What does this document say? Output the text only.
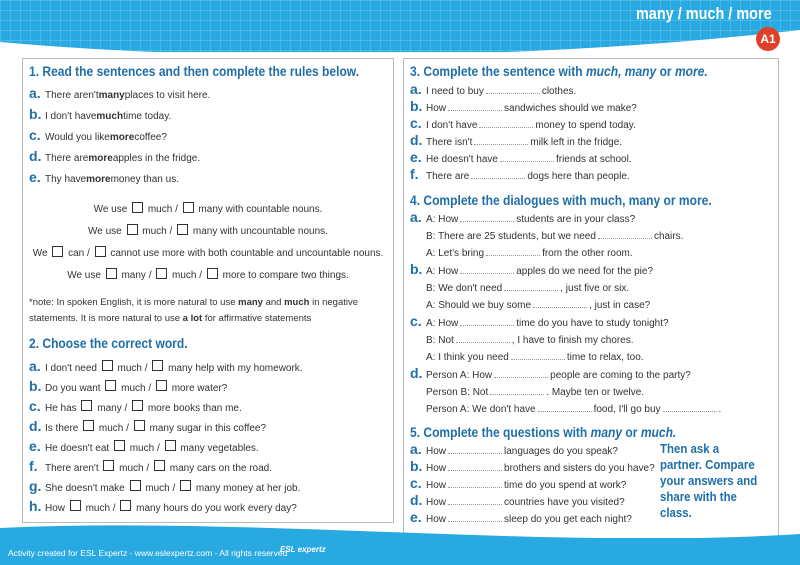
many / much / more
A1
1. Read the sentences and then complete the rules below.
a. There aren't many places to visit here.
b. I don't have much time today.
c. Would you like more coffee?
d. There are more apples in the fridge.
e. Thy have more money than us.
We use  much /  many with countable nouns.
We use  much /  many with uncountable nouns.
We  can /  cannot use more with both countable and uncountable nouns.
We use  many /  much /  more to compare two things.
*note: In spoken English, it is more natural to use many and much in negative statements. It is more natural to use a lot for affirmative statements
2. Choose the correct word.
a. I don't need much / many help with my homework.
b. Do you want much / more water?
c. He has many / more books than me.
d. Is there much / many sugar in this coffee?
e. He doesn't eat much / many vegetables.
f. There aren't much / many cars on the road.
g. She doesn't make much / many money at her job.
h. How much / many hours do you work every day?
3. Complete the sentence with much, many or more.
a. I need to buy	clothes.
b. How	sandwiches should we make?
c. I don't have	money to spend today.
d. There isn't	milk left in the fridge.
e. He doesn't have	friends at school.
f. There are	dogs here than people.
4. Complete the dialogues with much, many or more.
a. A: How	students are in your class?
B: There are 25 students, but we need	chairs.
A: Let's bring	from the other room.
b. A: How	apples do we need for the pie?
B: We don't need	, just five or six.
A: Should we buy some	, just in case?
c. A: How	time do you have to study tonight?
B: Not	, I have to finish my chores.
A: I think you need	time to relax, too.
d. Person A: How	people are coming to the party?
Person B: Not	. Maybe ten or twelve.
Person A: We don't have	food, I'll go buy	.
5. Complete the questions with many or much.
a. How	languages do you speak?
b. How	brothers and sisters do you have?
c. How	time do you spend at work?
d. How	countries have you visited?
e. How	sleep do you get each night?
Then ask a partner. Compare your answers and share with the class.
Activity created for ESL Expertz - www.eslexpertz.com - All rights reserved
ESL expertz
